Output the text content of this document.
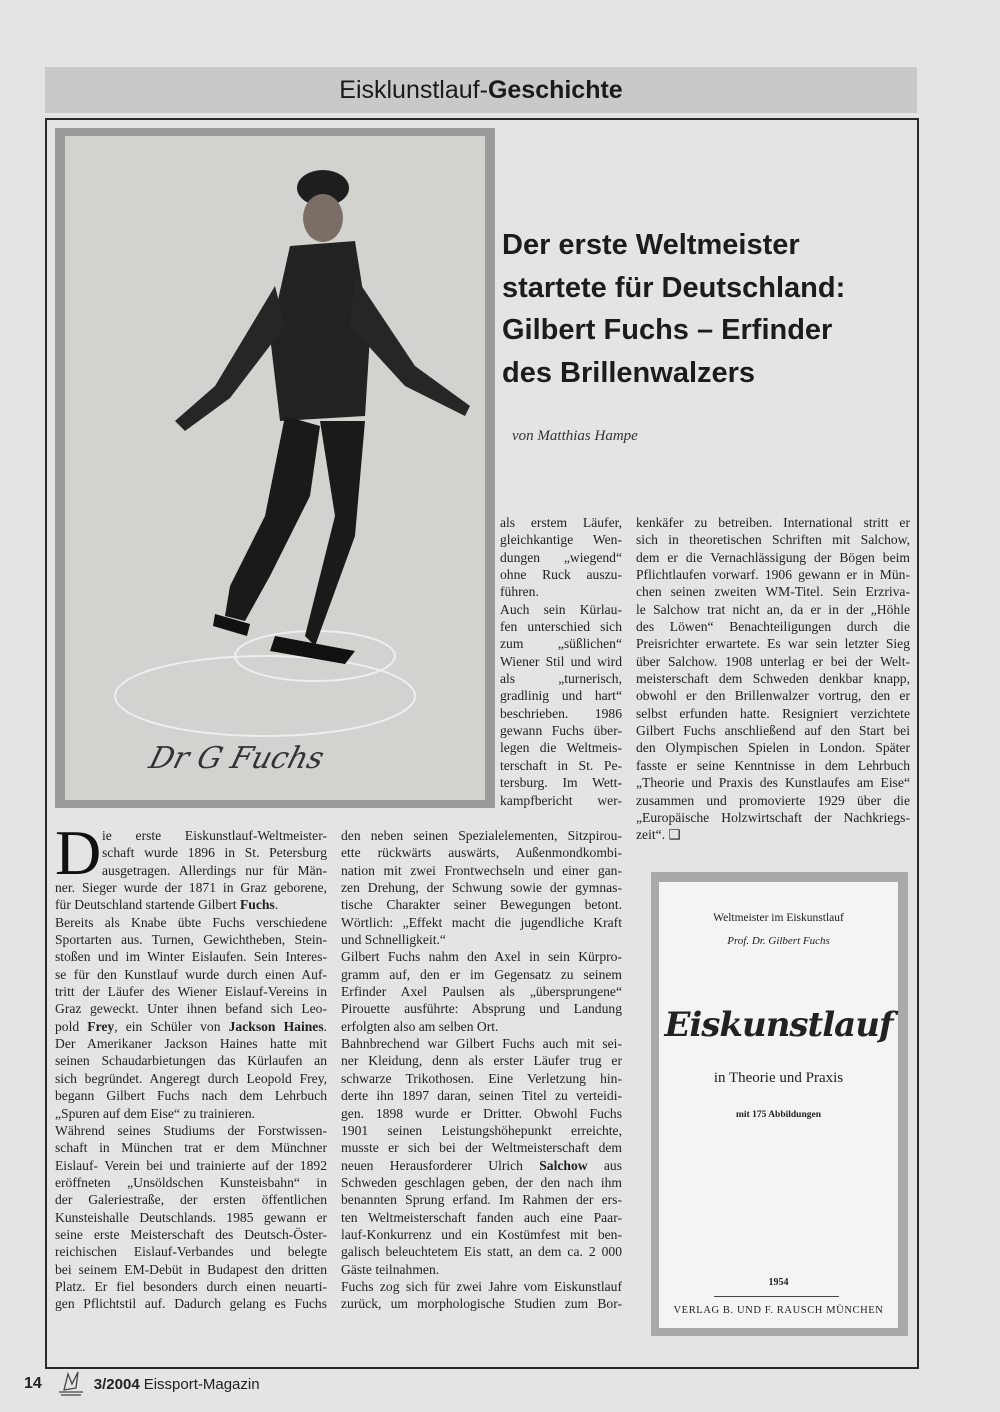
Eisklunstlauf-Geschichte
Dr G Fuchs
Der erste Weltmeister
startete für Deutschland:
Gilbert Fuchs – Erfinder
des Brillenwalzers
von Matthias Hampe
als erstem Läufer,
gleichkantige Wen-
dungen „wiegend“
ohne Ruck auszu-
führen.
Auch sein Kürlau-
fen unterschied sich
zum „süßlichen“
Wiener Stil und wird
als „turnerisch,
gradlinig und hart“
beschrieben. 1986
gewann Fuchs über-
legen die Weltmeis-
terschaft in St. Pe-
tersburg. Im Wett-
kampfbericht wer-
kenkäfer zu betreiben. International stritt er
sich in theoretischen Schriften mit Salchow,
dem er die Vernachlässigung der Bögen beim
Pflichtlaufen vorwarf. 1906 gewann er in Mün-
chen seinen zweiten WM-Titel. Sein Erzriva-
le Salchow trat nicht an, da er in der „Höhle
des Löwen“ Benachteiligungen durch die
Preisrichter erwartete. Es war sein letzter Sieg
über Salchow. 1908 unterlag er bei der Welt-
meisterschaft dem Schweden denkbar knapp,
obwohl er den Brillenwalzer vortrug, den er
selbst erfunden hatte. Resigniert verzichtete
Gilbert Fuchs anschließend auf den Start bei
den Olympischen Spielen in London. Später
fasste er seine Kenntnisse in dem Lehrbuch
„Theorie und Praxis des Kunstlaufes am Eise“
zusammen und promovierte 1929 über die
„Europäische Holzwirtschaft der Nachkriegs-
zeit“. ❑
D ie erste Eiskunstlauf-Weltmeister-
schaft wurde 1896 in St. Petersburg
ausgetragen. Allerdings nur für Män-
ner. Sieger wurde der 1871 in Graz geborene,
für Deutschland startende Gilbert Fuchs.
Bereits als Knabe übte Fuchs verschiedene
Sportarten aus. Turnen, Gewichtheben, Stein-
stoßen und im Winter Eislaufen. Sein Interes-
se für den Kunstlauf wurde durch einen Auf-
tritt der Läufer des Wiener Eislauf-Vereins in
Graz geweckt. Unter ihnen befand sich Leo-
pold Frey, ein Schüler von Jackson Haines.
Der Amerikaner Jackson Haines hatte mit
seinen Schaudarbietungen das Kürlaufen an
sich begründet. Angeregt durch Leopold Frey,
begann Gilbert Fuchs nach dem Lehrbuch
„Spuren auf dem Eise“ zu trainieren.
Während seines Studiums der Forstwissen-
schaft in München trat er dem Münchner
Eislauf- Verein bei und trainierte auf der 1892
eröffneten „Unsöldschen Kunsteisbahn“ in
der Galeriestraße, der ersten öffentlichen
Kunsteishalle Deutschlands. 1985 gewann er
seine erste Meisterschaft des Deutsch-Öster-
reichischen Eislauf-Verbandes und belegte
bei seinem EM-Debüt in Budapest den dritten
Platz. Er fiel besonders durch einen neuarti-
gen Pflichtstil auf. Dadurch gelang es Fuchs
den neben seinen Spezialelementen, Sitzpirou-
ette rückwärts auswärts, Außenmondkombi-
nation mit zwei Frontwechseln und einer gan-
zen Drehung, der Schwung sowie der gymnas-
tische Charakter seiner Bewegungen betont.
Wörtlich: „Effekt macht die jugendliche Kraft
und Schnelligkeit.“
Gilbert Fuchs nahm den Axel in sein Kürpro-
gramm auf, den er im Gegensatz zu seinem
Erfinder Axel Paulsen als „übersprungene“
Pirouette ausführte: Absprung und Landung
erfolgten also am selben Ort.
Bahnbrechend war Gilbert Fuchs auch mit sei-
ner Kleidung, denn als erster Läufer trug er
schwarze Trikothosen. Eine Verletzung hin-
derte ihn 1897 daran, seinen Titel zu verteidi-
gen. 1898 wurde er Dritter. Obwohl Fuchs
1901 seinen Leistungshöhepunkt erreichte,
musste er sich bei der Weltmeisterschaft dem
neuen Herausforderer Ulrich Salchow aus
Schweden geschlagen geben, der den nach ihm
benannten Sprung erfand. Im Rahmen der ers-
ten Weltmeisterschaft fanden auch eine Paar-
lauf-Konkurrenz und ein Kostümfest mit ben-
galisch beleuchtetem Eis statt, an dem ca. 2 000
Gäste teilnahmen.
Fuchs zog sich für zwei Jahre vom Eiskunstlauf
zurück, um morphologische Studien zum Bor-
Weltmeister im Eiskunstlauf
Prof. Dr. Gilbert Fuchs
Eiskunstlauf
in Theorie und Praxis
mit 175 Abbildungen
1954
VERLAG B. UND F. RAUSCH MÜNCHEN
14	3/2004 Eissport-Magazin
